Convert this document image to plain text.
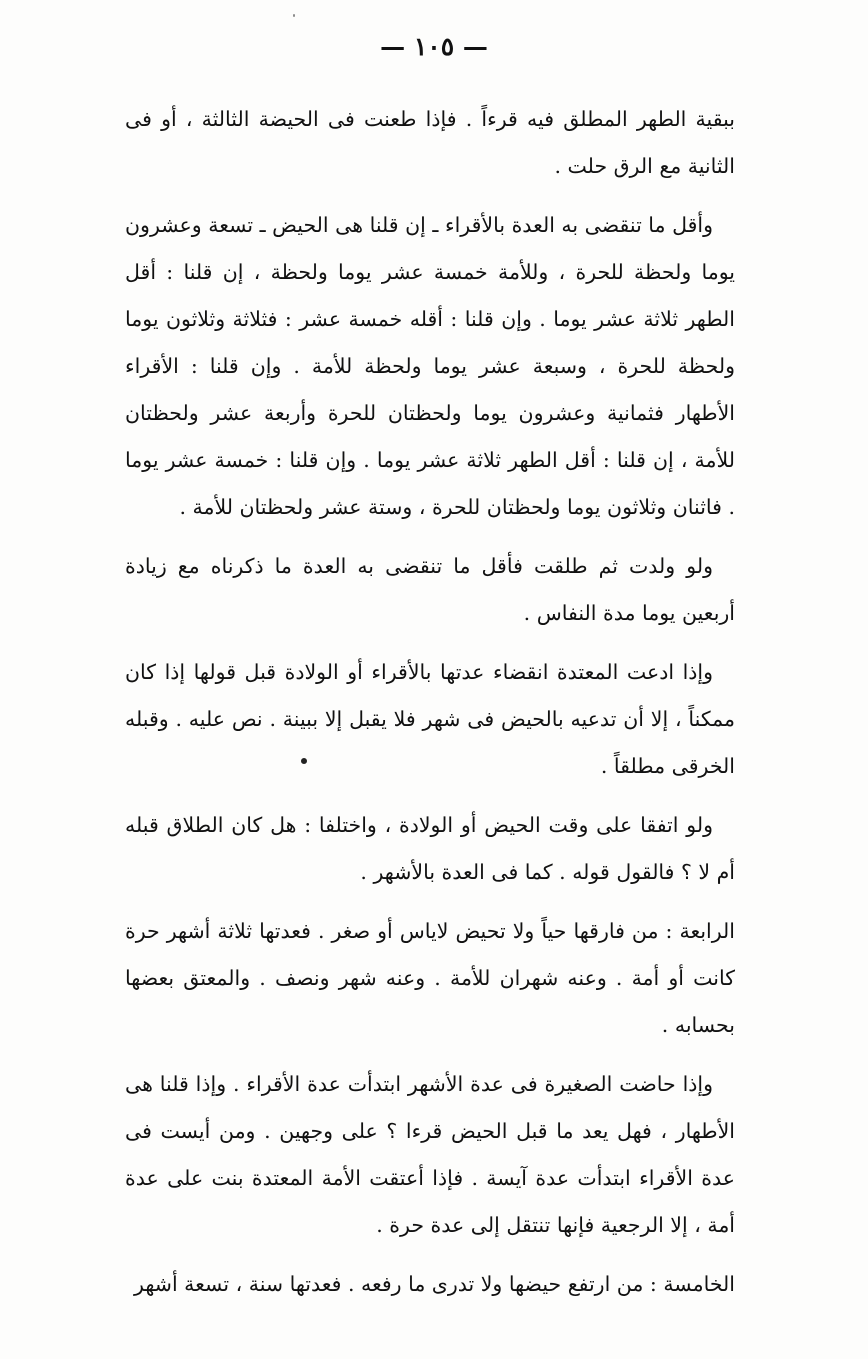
— ١٠٥ —

ببقية الطهر المطلق فيه قرءاً . فإذا طعنت فى الحيضة الثالثة ، أو فى الثانية مع الرق حلت .

وأقل ما تنقضى به العدة بالأقراء ـ إن قلنا هى الحيض ـ تسعة وعشرون يوما ولحظة للحرة ، وللأمة خمسة عشر يوما ولحظة ، إن قلنا : أقل الطهر ثلاثة عشر يوما . وإن قلنا : أقله خمسة عشر : فثلاثة وثلاثون يوما ولحظة للحرة ، وسبعة عشر يوما ولحظة للأمة . وإن قلنا : الأقراء الأطهار فثمانية وعشرون يوما ولحظتان للحرة وأربعة عشر ولحظتان للأمة ، إن قلنا : أقل الطهر ثلاثة عشر يوما . وإن قلنا : خمسة عشر يوما . فاثنان وثلاثون يوما ولحظتان للحرة ، وستة عشر ولحظتان للأمة .

ولو ولدت ثم طلقت فأقل ما تنقضى به العدة ما ذكرناه مع زيادة أربعين يوما مدة النفاس .

وإذا ادعت المعتدة انقضاء عدتها بالأقراء أو الولادة قبل قولها إذا كان ممكناً ، إلا أن تدعيه بالحيض فى شهر فلا يقبل إلا ببينة . نص عليه . وقبله الخرقى مطلقاً .

ولو اتفقا على وقت الحيض أو الولادة ، واختلفا : هل كان الطلاق قبله أم لا ؟ فالقول قوله . كما فى العدة بالأشهر .

الرابعة : من فارقها حياً ولا تحيض لاياس أو صغر . فعدتها ثلاثة أشهر حرة كانت أو أمة . وعنه شهران للأمة . وعنه شهر ونصف . والمعتق بعضها بحسابه .

وإذا حاضت الصغيرة فى عدة الأشهر ابتدأت عدة الأقراء . وإذا قلنا هى الأطهار ، فهل يعد ما قبل الحيض قرءا ؟ على وجهين . ومن أيست فى عدة الأقراء ابتدأت عدة آيسة . فإذا أعتقت الأمة المعتدة بنت على عدة أمة ، إلا الرجعية فإنها تنتقل إلى عدة حرة .

الخامسة : من ارتفع حيضها ولا تدرى ما رفعه . فعدتها سنة ، تسعة أشهر
